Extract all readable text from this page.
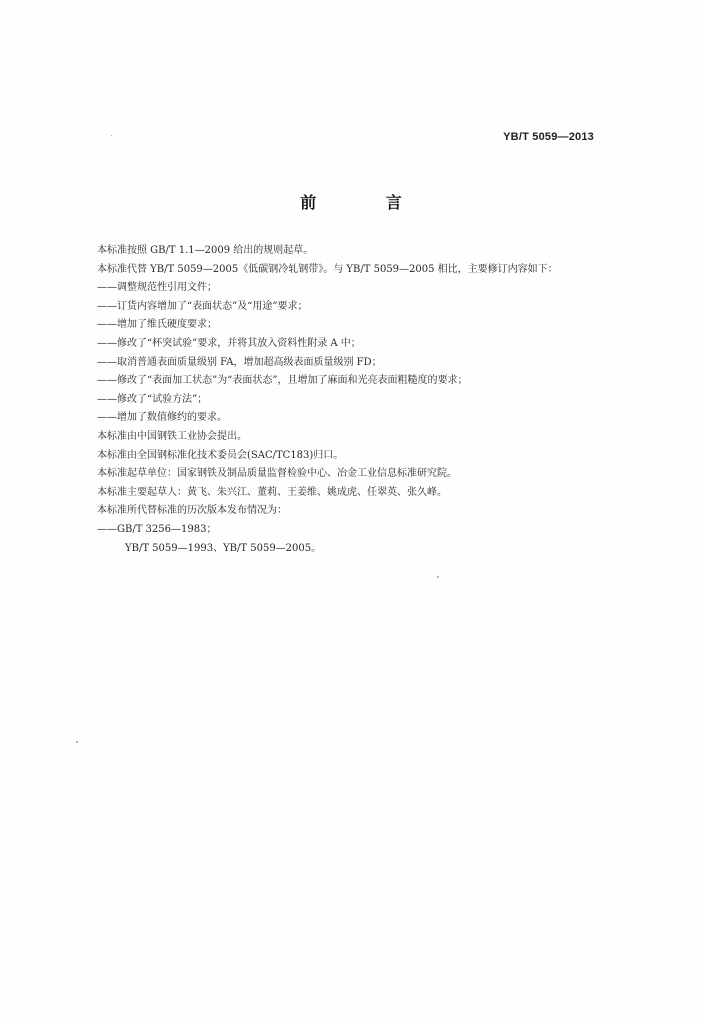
YB/T 5059—2013
前 言
本标准按照 GB/T 1.1—2009 给出的规则起草。
本标准代替 YB/T 5059—2005《低碳钢冷轧钢带》。与 YB/T 5059—2005 相比，主要修订内容如下：
——调整规范性引用文件；
——订货内容增加了“表面状态”及“用途”要求；
——增加了维氏硬度要求；
——修改了“杯突试验”要求，并将其放入资料性附录 A 中；
——取消普通表面质量级别 FA，增加超高级表面质量级别 FD；
——修改了“表面加工状态”为“表面状态”，且增加了麻面和光亮表面粗糙度的要求；
——修改了“试验方法”；
——增加了数值修约的要求。
本标准由中国钢铁工业协会提出。
本标准由全国钢标准化技术委员会(SAC/TC183)归口。
本标准起草单位：国家钢铁及制品质量监督检验中心、冶金工业信息标准研究院。
本标准主要起草人：黄飞、朱兴江、董莉、王姜维、姚成虎、任翠英、张久峰。
本标准所代替标准的历次版本发布情况为：
——GB/T 3256—1983；
YB/T 5059—1993、YB/T 5059—2005。
